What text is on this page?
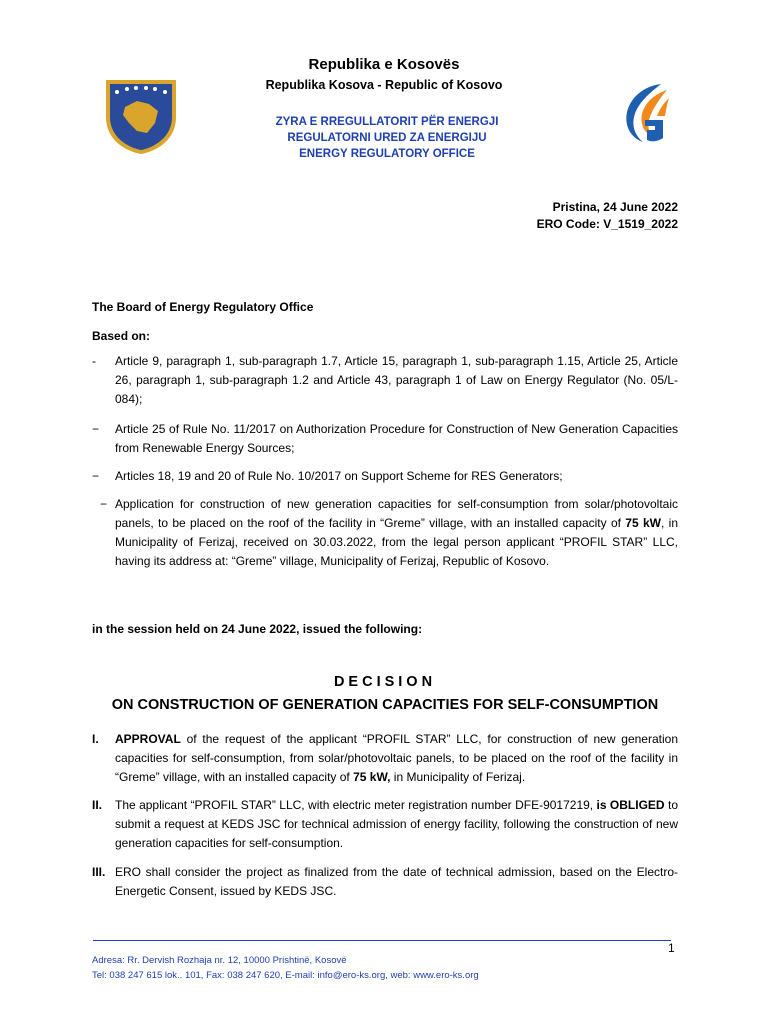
Republika e Kosovës
Republika Kosova - Republic of Kosovo
ZYRA E RREGULLATORIT PËR ENERGJI
REGULATORNI URED ZA ENERGIJU
ENERGY REGULATORY OFFICE
Pristina, 24 June 2022
ERO Code: V_1519_2022
The Board of Energy Regulatory Office
Based on:
-	Article 9, paragraph 1, sub-paragraph 1.7, Article 15, paragraph 1, sub-paragraph 1.15, Article 25, Article 26, paragraph 1, sub-paragraph 1.2 and Article 43, paragraph 1 of Law on Energy Regulator (No. 05/L-084);
−	Article 25 of Rule No. 11/2017 on Authorization Procedure for Construction of New Generation Capacities from Renewable Energy Sources;
−	Articles 18, 19 and 20 of Rule No. 10/2017 on Support Scheme for RES Generators;
− Application for construction of new generation capacities for self-consumption from solar/photovoltaic panels, to be placed on the roof of the facility in “Greme” village, with an installed capacity of 75 kW, in Municipality of Ferizaj, received on 30.03.2022, from the legal person applicant “PROFIL STAR” LLC, having its address at: “Greme” village, Municipality of Ferizaj, Republic of Kosovo.
in the session held on 24 June 2022, issued the following:
DECISION
ON CONSTRUCTION OF GENERATION CAPACITIES FOR SELF-CONSUMPTION
I. APPROVAL of the request of the applicant “PROFIL STAR” LLC, for construction of new generation capacities for self-consumption, from solar/photovoltaic panels, to be placed on the roof of the facility in “Greme” village, with an installed capacity of 75 kW, in Municipality of Ferizaj.
II. The applicant “PROFIL STAR” LLC, with electric meter registration number DFE-9017219, is OBLIGED to submit a request at KEDS JSC for technical admission of energy facility, following the construction of new generation capacities for self-consumption.
III. ERO shall consider the project as finalized from the date of technical admission, based on the Electro-Energetic Consent, issued by KEDS JSC.
1
Adresa: Rr. Dervish Rozhaja nr. 12, 10000 Prishtinë, Kosovë
Tel: 038 247 615 lok.. 101, Fax: 038 247 620, E-mail: info@ero-ks.org, web: www.ero-ks.org
